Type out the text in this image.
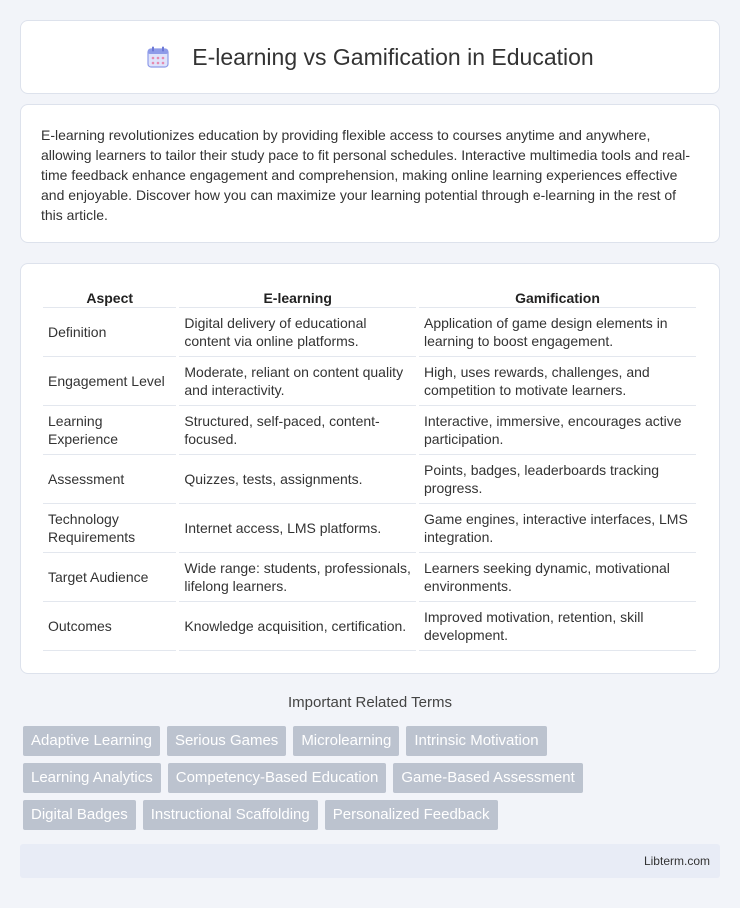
E-learning vs Gamification in Education

E-learning revolutionizes education by providing flexible access to courses anytime and anywhere, allowing learners to tailor their study pace to fit personal schedules. Interactive multimedia tools and real-time feedback enhance engagement and comprehension, making online learning experiences effective and enjoyable. Discover how you can maximize your learning potential through e-learning in the rest of this article.

Aspect	E-learning	Gamification
Definition	Digital delivery of educational content via online platforms.	Application of game design elements in learning to boost engagement.
Engagement Level	Moderate, reliant on content quality and interactivity.	High, uses rewards, challenges, and competition to motivate learners.
Learning Experience	Structured, self-paced, content-focused.	Interactive, immersive, encourages active participation.
Assessment	Quizzes, tests, assignments.	Points, badges, leaderboards tracking progress.
Technology Requirements	Internet access, LMS platforms.	Game engines, interactive interfaces, LMS integration.
Target Audience	Wide range: students, professionals, lifelong learners.	Learners seeking dynamic, motivational environments.
Outcomes	Knowledge acquisition, certification.	Improved motivation, retention, skill development.
Important Related Terms
Adaptive Learning	Serious Games	Microlearning	Intrinsic Motivation
Learning Analytics	Competency-Based Education	Game-Based Assessment
Digital Badges	Instructional Scaffolding	Personalized Feedback
Libterm.com
